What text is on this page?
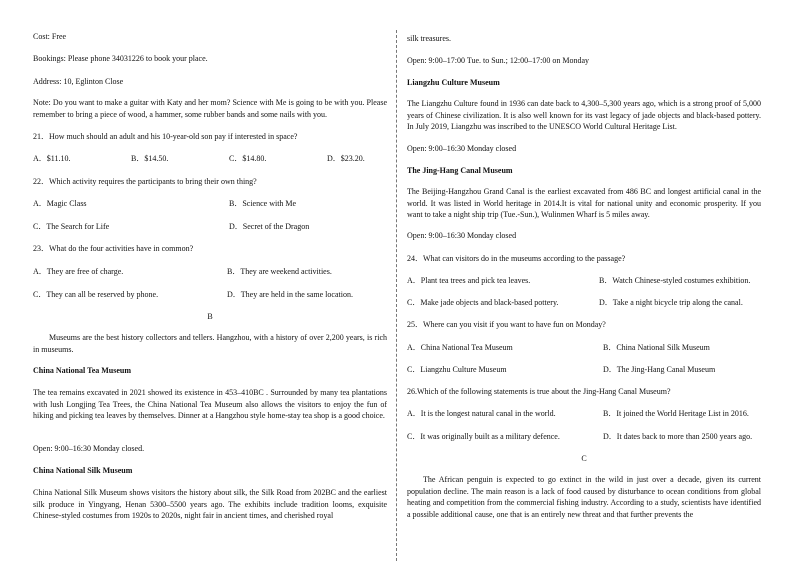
Cost: Free

Bookings: Please phone 34031226 to book your place.

Address: 10, Eglinton Close

Note: Do you want to make a guitar with Katy and her mom? Science with Me is going to be with you. Please remember to bring a piece of wood, a hammer, some rubber bands and some nails with you.

21．How much should an adult and his 10-year-old son pay if interested in space?

A．$11.10.	B．$14.50.	C．$14.80.	D．$23.20.

22．Which activity requires the participants to bring their own thing?

A．Magic Class	B．Science with Me
C．The Search for Life	D．Secret of the Dragon

23．What do the four activities have in common?

A．They are free of charge.	B．They are weekend activities.
C．They can all be reserved by phone.	D．They are held in the same location.

B

Museums are the best history collectors and tellers. Hangzhou, with a history of over 2,200 years, is rich in museums.

China National Tea Museum

The tea remains excavated in 2021 showed its existence in 453–410BC . Surrounded by many tea plantations with lush Longjing Tea Trees, the China National Tea Museum also allows the visitors to enjoy the fun of hiking and picking tea leaves by themselves. Dinner at a Hangzhou style home-stay tea shop is a good choice.

Open: 9:00–16:30 Monday closed.

China National Silk Museum

China National Silk Museum shows visitors the history about silk, the Silk Road from 202BC and the earliest silk produce in Yingyang, Henan 5300–5500 years ago. The exhibits include tradition looms, exquisite Chinese-styled costumes from 1920s to 2020s, night fair in ancient times, and cherished royal

silk treasures.

Open: 9:00–17:00 Tue. to Sun.; 12:00–17:00 on Monday

Liangzhu Culture Museum

The Liangzhu Culture found in 1936 can date back to 4,300–5,300 years ago, which is a strong proof of 5,000 years of Chinese civilization. It is also well known for its vast legacy of jade objects and black-based pottery. In July 2019, Liangzhu was inscribed to the UNESCO World Cultural Heritage List.

Open: 9:00–16:30 Monday closed

The Jing-Hang Canal Museum

The Beijing-Hangzhou Grand Canal is the earliest excavated from 486 BC and longest artificial canal in the world. It was listed in World heritage in 2014.It is vital for national unity and economic prosperity. If you want to take a night ship trip (Tue.-Sun.), Wulinmen Wharf is 5 miles away.

Open: 9:00–16:30 Monday closed

24．What can visitors do in the museums according to the passage?

A．Plant tea trees and pick tea leaves.	B．Watch Chinese-styled costumes exhibition.
C．Make jade objects and black-based pottery.	D．Take a night bicycle trip along the canal.

25．Where can you visit if you want to have fun on Monday?

A．China National Tea Museum	B．China National Silk Museum
C．Liangzhu Culture Museum	D．The Jing-Hang Canal Museum

26.Which of the following statements is true about the Jing-Hang Canal Museum?

A．It is the longest natural canal in the world.	B．It joined the World Heritage List in 2016.
C．It was originally built as a military defence.	D．It dates back to more than 2500 years ago.

C

The African penguin is expected to go extinct in the wild in just over a decade, given its current population decline. The main reason is a lack of food caused by disturbance to ocean conditions from global heating and competition from the commercial fishing industry. According to a study, scientists have identified a possible additional cause, one that is an entirely new threat and that further prevents the
